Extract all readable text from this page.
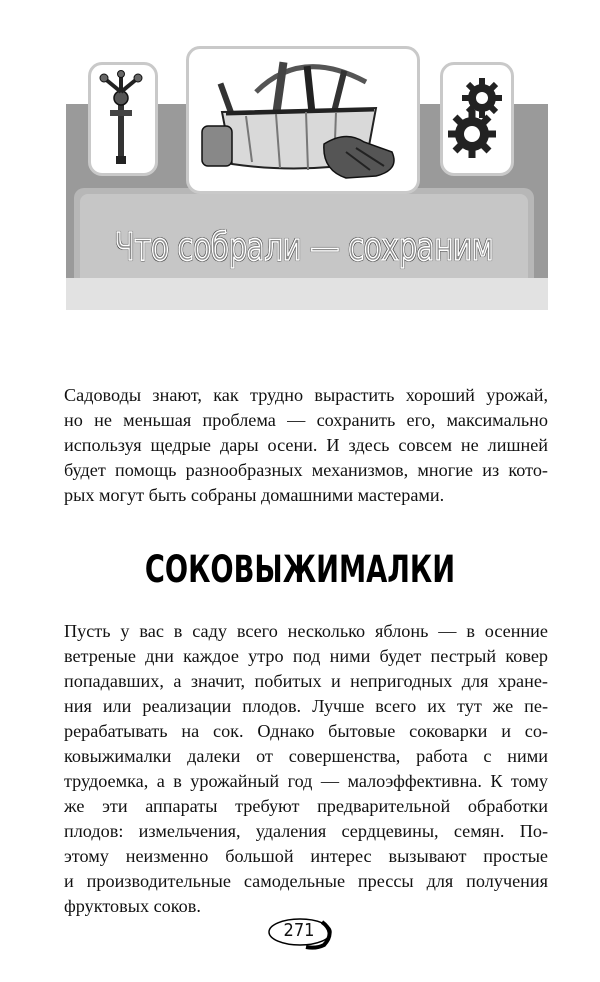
Что собрали — сохраним

Садоводы знают, как трудно вырастить хороший урожай,
но не меньшая проблема — сохранить его, максимально
используя щедрые дары осени. И здесь совсем не лишней
будет помощь разнообразных механизмов, многие из кото-
рых могут быть собраны домашними мастерами.

СОКОВЫЖИМАЛКИ

Пусть у вас в саду всего несколько яблонь — в осенние
ветреные дни каждое утро под ними будет пестрый ковер
попадавших, а значит, побитых и непригодных для хране-
ния или реализации плодов. Лучше всего их тут же пе-
рерабатывать на сок. Однако бытовые соковарки и со-
ковыжималки далеки от совершенства, работа с ними
трудоемка, а в урожайный год — малоэффективна. К тому
же эти аппараты требуют предварительной обработки
плодов: измельчения, удаления сердцевины, семян. По-
этому неизменно большой интерес вызывают простые
и производительные самодельные прессы для получения
фруктовых соков.

271
